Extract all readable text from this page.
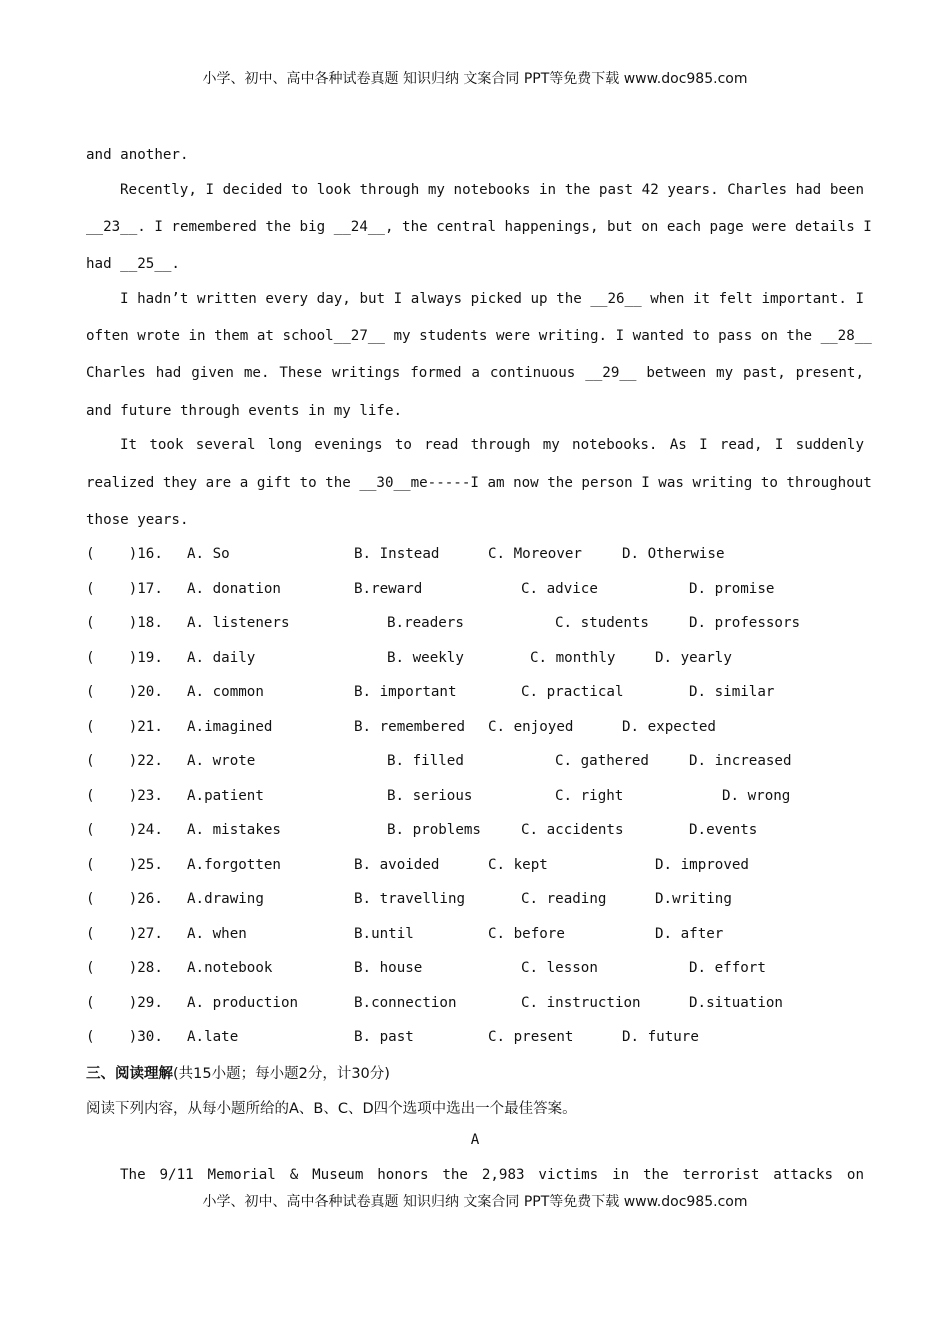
小学、初中、高中各种试卷真题 知识归纳 文案合同 PPT等免费下载 www.doc985.com
and another.
Recently, I decided to look through my notebooks in the past 42 years. Charles had been
__23__. I remembered the big __24__, the central happenings, but on each page were details I
had __25__.
I hadn’t written every day, but I always picked up the __26__ when it felt important. I
often wrote in them at school__27__ my students were writing. I wanted to pass on the __28__
Charles had given me. These writings formed a continuous __29__ between my past, present,
and future through events in my life.
It took several long evenings to read through my notebooks. As I read, I suddenly
realized they are a gift to the __30__me-----I am now the person I was writing to throughout
those years.
(    )16. A. So	B. Instead	C. Moreover	D. Otherwise
(    )17. A. donation	B.reward	C. advice	D. promise
(    )18. A. listeners	B.readers	C. students	D. professors
(    )19. A. daily	B. weekly	C. monthly	D. yearly
(    )20. A. common	B. important	C. practical	D. similar
(    )21. A.imagined	B. remembered C. enjoyed	D. expected
(    )22. A. wrote	B. filled	C. gathered	D. increased
(    )23. A.patient	B. serious	C. right	D. wrong
(    )24. A. mistakes	B. problems	C. accidents	D.events
(    )25. A.forgotten	B. avoided	C. kept	D. improved
(    )26. A.drawing	B. travelling	C. reading	D.writing
(    )27. A. when	B.until	C. before	D. after
(    )28. A.notebook	B. house	C. lesson	D. effort
(    )29. A. production	B.connection	C. instruction	D.situation
(    )30. A.late	B. past	C. present	D. future
三、阅读理解(共15小题；每小题2分，计30分)
阅读下列内容，从每小题所给的A、B、C、D四个选项中选出一个最佳答案。
A
The 9/11 Memorial & Museum honors the 2,983 victims in the terrorist attacks on
小学、初中、高中各种试卷真题 知识归纳 文案合同 PPT等免费下载 www.doc985.com
